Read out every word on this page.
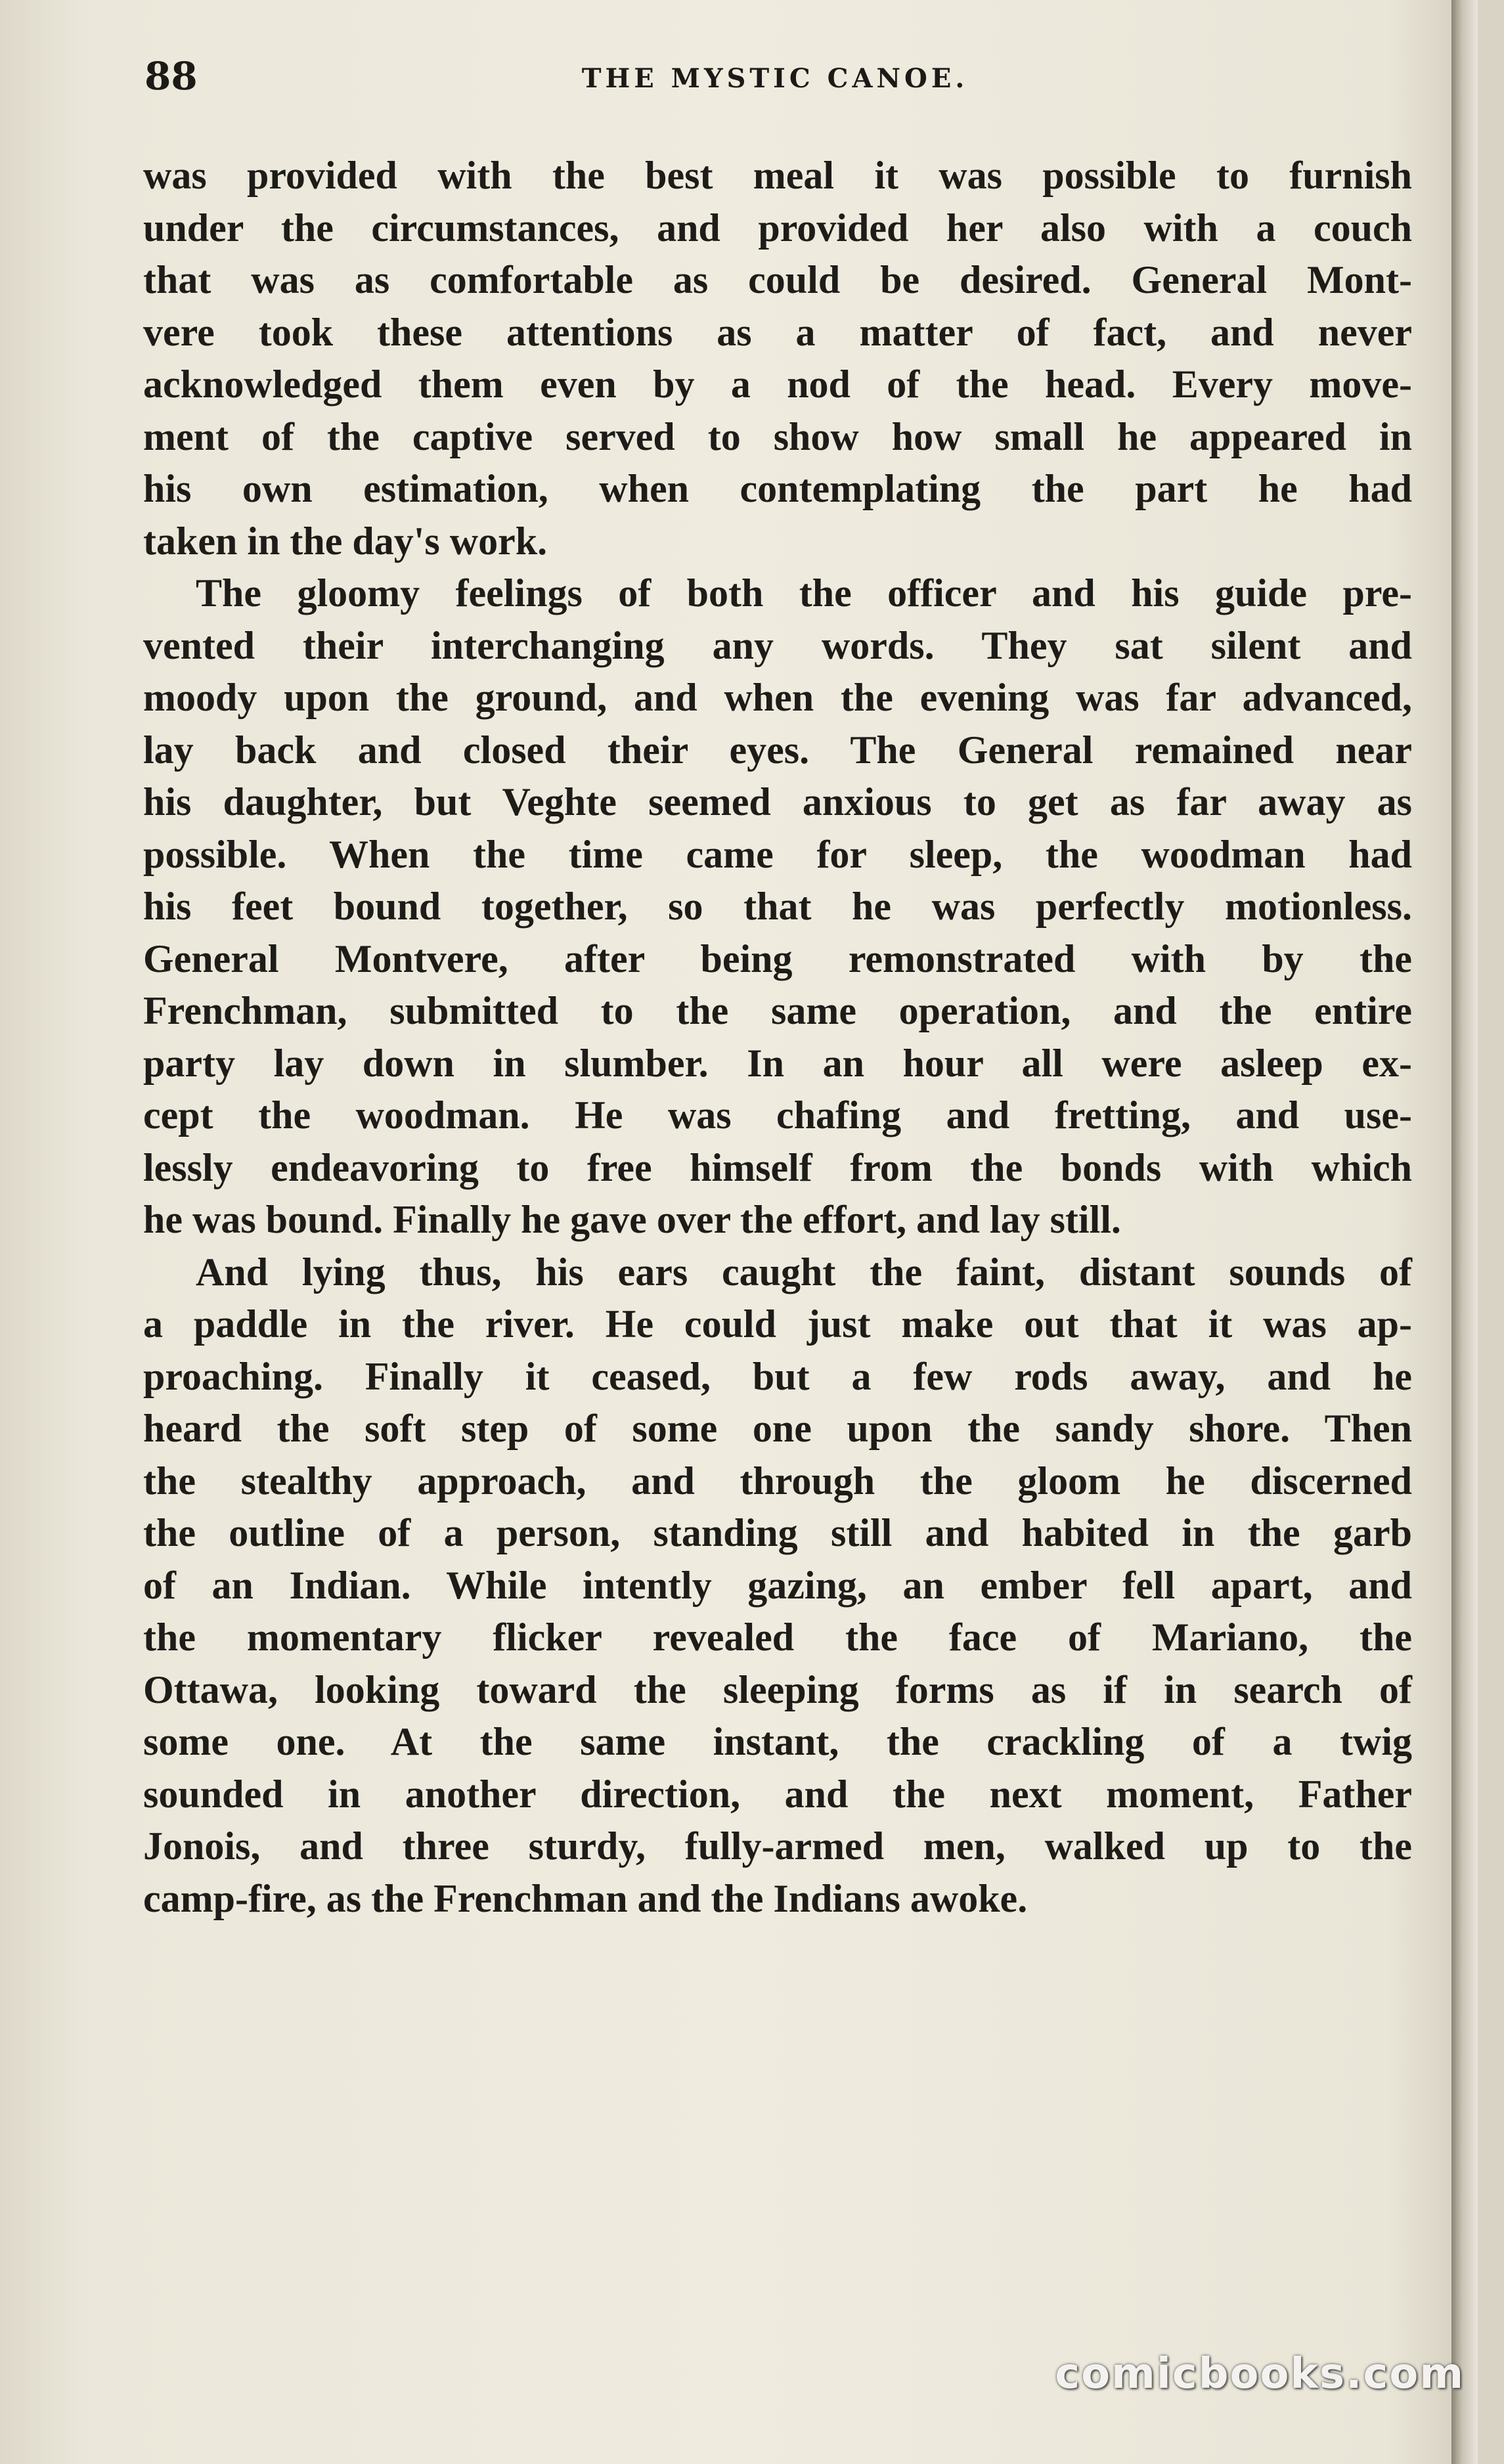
88	THE MYSTIC CANOE.
was provided with the best meal it was possible to furnish
under the circumstances, and provided her also with a couch
that was as comfortable as could be desired. General Mont-
vere took these attentions as a matter of fact, and never
acknowledged them even by a nod of the head. Every move-
ment of the captive served to show how small he appeared in
his own estimation, when contemplating the part he had
taken in the day's work.
The gloomy feelings of both the officer and his guide pre-
vented their interchanging any words. They sat silent and
moody upon the ground, and when the evening was far advanced,
lay back and closed their eyes. The General remained near
his daughter, but Veghte seemed anxious to get as far away as
possible. When the time came for sleep, the woodman had
his feet bound together, so that he was perfectly motionless.
General Montvere, after being remonstrated with by the
Frenchman, submitted to the same operation, and the entire
party lay down in slumber. In an hour all were asleep ex-
cept the woodman. He was chafing and fretting, and use-
lessly endeavoring to free himself from the bonds with which
he was bound. Finally he gave over the effort, and lay still.
And lying thus, his ears caught the faint, distant sounds of
a paddle in the river. He could just make out that it was ap-
proaching. Finally it ceased, but a few rods away, and he
heard the soft step of some one upon the sandy shore. Then
the stealthy approach, and through the gloom he discerned
the outline of a person, standing still and habited in the garb
of an Indian. While intently gazing, an ember fell apart, and
the momentary flicker revealed the face of Mariano, the
Ottawa, looking toward the sleeping forms as if in search of
some one. At the same instant, the crackling of a twig
sounded in another direction, and the next moment, Father
Jonois, and three sturdy, fully-armed men, walked up to the
camp-fire, as the Frenchman and the Indians awoke.
comicbooks.com
